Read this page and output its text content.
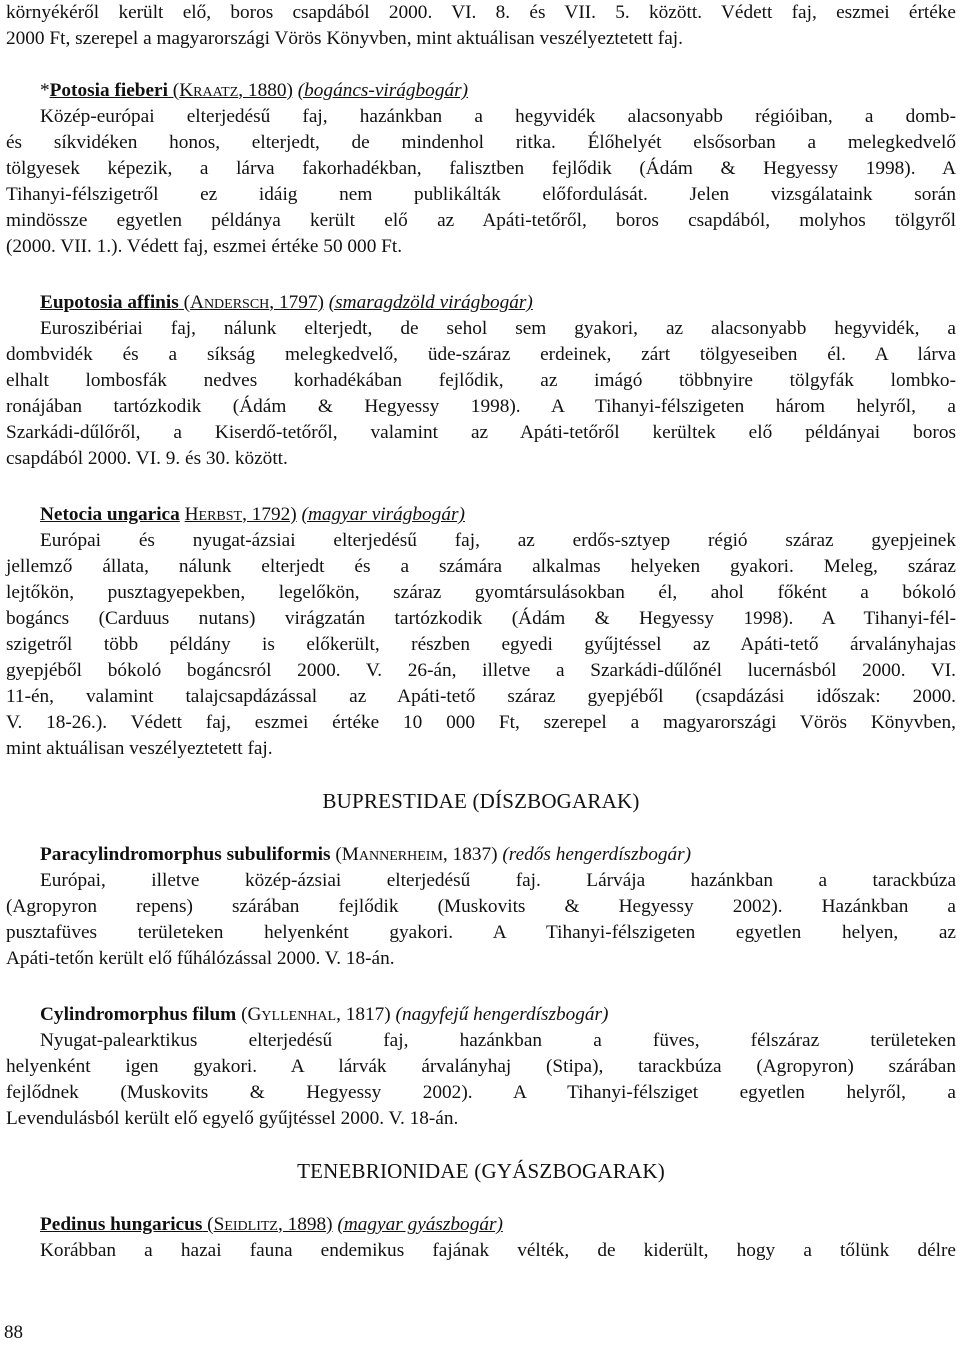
környékéről került elő, boros csapdából 2000. VI. 8. és VII. 5. között. Védett faj, eszmei értéke

2000 Ft, szerepel a magyarországi Vörös Könyvben, mint aktuálisan veszélyeztetett faj.

*Potosia fieberi (Kraatz, 1880) (bogáncs-virágbogár)

Közép-európai elterjedésű faj, hazánkban a hegyvidék alacsonyabb régióiban, a domb-

és síkvidéken honos, elterjedt, de mindenhol ritka. Élőhelyét elsősorban a melegkedvelő

tölgyesek képezik, a lárva fakorhadékban, falisztben fejlődik (Ádám & Hegyessy 1998). A

Tihanyi-félszigetről ez idáig nem publikálták előfordulását. Jelen vizsgálataink során

mindössze egyetlen példánya került elő az Apáti-tetőről, boros csapdából, molyhos tölgyről

(2000. VII. 1.). Védett faj, eszmei értéke 50 000 Ft.

Eupotosia affinis (Andersch, 1797) (smaragdzöld virágbogár)

Euroszibériai faj, nálunk elterjedt, de sehol sem gyakori, az alacsonyabb hegyvidék, a

dombvidék és a síkság melegkedvelő, üde-száraz erdeinek, zárt tölgyeseiben él. A lárva

elhalt lombosfák nedves korhadékában fejlődik, az imágó többnyire tölgyfák lombko-

ronájában tartózkodik (Ádám & Hegyessy 1998). A Tihanyi-félszigeten három helyről, a

Szarkádi-dűlőről, a Kiserdő-tetőről, valamint az Apáti-tetőről kerültek elő példányai boros

csapdából 2000. VI. 9. és 30. között.

Netocia ungarica Herbst, 1792) (magyar virágbogár)

Európai és nyugat-ázsiai elterjedésű faj, az erdős-sztyep régió száraz gyepjeinek

jellemző állata, nálunk elterjedt és a számára alkalmas helyeken gyakori. Meleg, száraz

lejtőkön, pusztagyepekben, legelőkön, száraz gyomtársulásokban él, ahol főként a bókoló

bogáncs (Carduus nutans) virágzatán tartózkodik (Ádám & Hegyessy 1998). A Tihanyi-fél-

szigetről több példány is előkerült, részben egyedi gyűjtéssel az Apáti-tető árvalányhajas

gyepjéből bókoló bogáncsról 2000. V. 26-án, illetve a Szarkádi-dűlőnél lucernásból 2000. VI.

11-én, valamint talajcsapdázással az Apáti-tető száraz gyepjéből (csapdázási időszak: 2000.

V. 18-26.). Védett faj, eszmei értéke 10 000 Ft, szerepel a magyarországi Vörös Könyvben,

mint aktuálisan veszélyeztetett faj.

BUPRESTIDAE (DÍSZBOGARAK)
Paracylindromorphus subuliformis (Mannerheim, 1837) (redős hengerdíszbogár)

Európai, illetve közép-ázsiai elterjedésű faj. Lárvája hazánkban a tarackbúza

(Agropyron repens) szárában fejlődik (Muskovits & Hegyessy 2002). Hazánkban a

pusztafüves területeken helyenként gyakori. A Tihanyi-félszigeten egyetlen helyen, az

Apáti-tetőn került elő fűhálózással 2000. V. 18-án.

Cylindromorphus filum (Gyllenhal, 1817) (nagyfejű hengerdíszbogár)

Nyugat-palearktikus elterjedésű faj, hazánkban a füves, félszáraz területeken

helyenként igen gyakori. A lárvák árvalányhaj (Stipa), tarackbúza (Agropyron) szárában

fejlődnek (Muskovits & Hegyessy 2002). A Tihanyi-félsziget egyetlen helyről, a

Levendulásból került elő egyelő gyűjtéssel 2000. V. 18-án.

TENEBRIONIDAE (GYÁSZBOGARAK)
Pedinus hungaricus (Seidlitz, 1898) (magyar gyászbogár)

Korábban a hazai fauna endemikus fajának vélték, de kiderült, hogy a tőlünk délre

88
